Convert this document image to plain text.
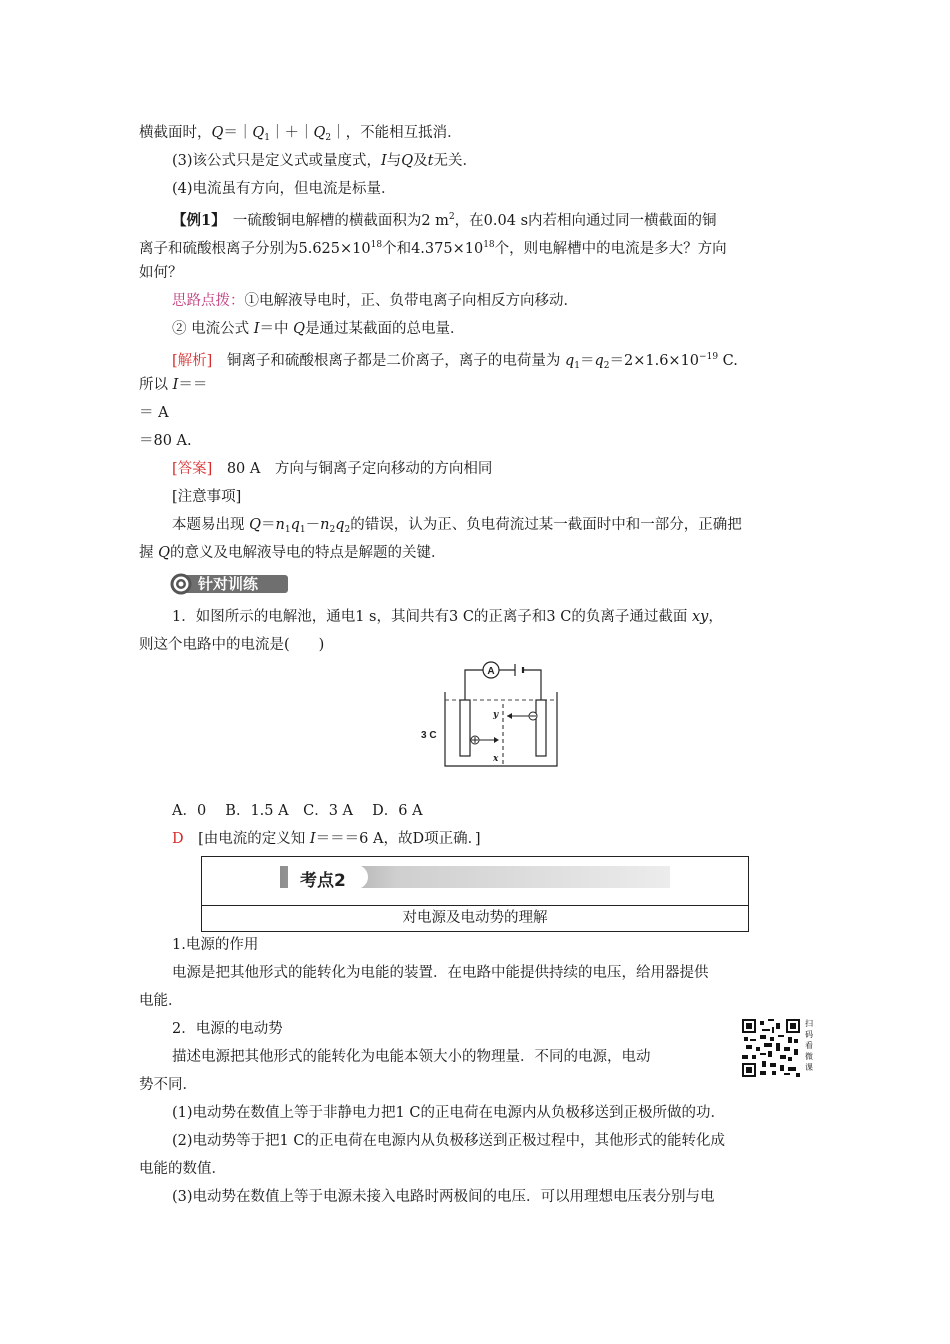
横截面时，$Q=|Q_1|+|Q_2|$，不能相互抵消．
(3)该公式只是定义式或量度式，I与Q及t无关．
(4)电流虽有方向，但电流是标量．
【例1】　一硫酸铜电解槽的横截面积为2 $m^2$，在0.04 s内若相向通过同一横截面的铜
离子和硫酸根离子分别为$5.625\times 10^{18}$个和$4.375\times 10^{18}$个，则电解槽中的电流是多大？方向
如何？
思路点拨：①电解液导电时，正、负带电离子向相反方向移动．
② 电流公式 I＝中 Q是通过某截面的总电量．
[解析]　铜离子和硫酸根离子都是二价离子，离子的电荷量为 $q_1=q_2=2\times 1.6\times 10^{-19}$ C.
所以 I＝＝
＝ A
＝80 A.
[答案]　80 A　方向与铜离子定向移动的方向相同
[注意事项]
本题易出现 $Q=n_1q_1-n_2q_2$的错误，认为正、负电荷流过某一截面时中和一部分，正确把
握 Q的意义及电解液导电的特点是解题的关键．
针对训练
1．如图所示的电解池，通电1 s，其间共有3 C的正离子和3 C的负离子通过截面 xy，
则这个电路中的电流是(　　)
A
y
x
3 C
A．0　 B．1.5 A　C．3 A　 D．6 A
D　[由电流的定义知 I＝＝＝6 A，故D项正确．]
考点2
对电源及电动势的理解
1.电源的作用
电源是把其他形式的能转化为电能的装置．在电路中能提供持续的电压，给用器提供
电能．
2．电源的电动势
描述电源把其他形式的能转化为电能本领大小的物理量．不同的电源，电动
势不同．
扫码看微课
(1)电动势在数值上等于非静电力把1 C的正电荷在电源内从负极移送到正极所做的功．
(2)电动势等于把1 C的正电荷在电源内从负极移送到正极过程中，其他形式的能转化成
电能的数值．
(3)电动势在数值上等于电源未接入电路时两极间的电压．可以用理想电压表分别与电
